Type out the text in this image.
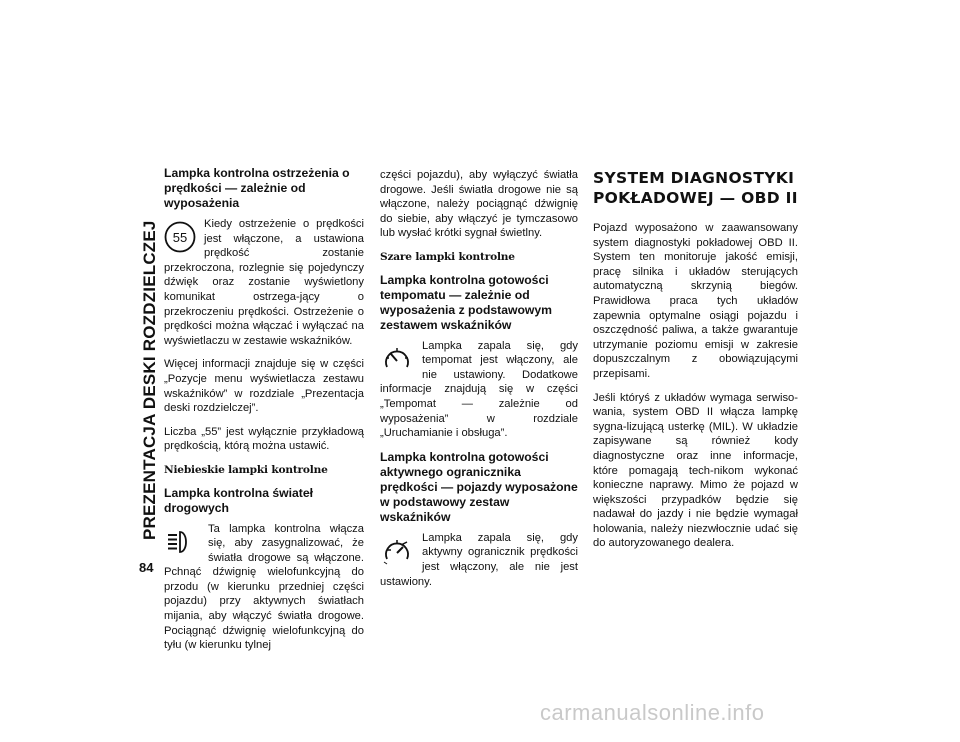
PREZENTACJA DESKI ROZDZIELCZEJ
84
Lampka kontrolna ostrzeżenia o prędkości — zależnie od wyposażenia
55

Kiedy ostrzeżenie o prędkości jest włączone, a ustawiona prędkość zostanie przekroczona, rozlegnie się pojedynczy dźwięk oraz zostanie wyświetlony komunikat ostrzega-jący o przekroczeniu prędkości. Ostrzeżenie o prędkości można włączać i wyłączać na wyświetlaczu w zestawie wskaźników.

Więcej informacji znajduje się w części „Pozycje menu wyświetlacza zestawu wskaźników” w rozdziale „Prezentacja deski rozdzielczej”.

Liczba „55” jest wyłącznie przykładową prędkością, którą można ustawić.

Niebieskie lampki kontrolne
Lampka kontrolna świateł drogowych

Ta lampka kontrolna włącza się, aby zasygnalizować, że światła drogowe są włączone. Pchnąć dźwignię wielofunkcyjną do przodu (w kierunku przedniej części pojazdu) przy aktywnych światłach mijania, aby włączyć światła drogowe. Pociągnąć dźwignię wielofunkcyjną do tyłu (w kierunku tylnej

części pojazdu), aby wyłączyć światła drogowe. Jeśli światła drogowe nie są włączone, należy pociągnąć dźwignię do siebie, aby włączyć je tymczasowo lub wysłać krótki sygnał świetlny.

Szare lampki kontrolne
Lampka kontrolna gotowości tempomatu — zależnie od wyposażenia z podstawowym zestawem wskaźników

Lampka zapala się, gdy tempomat jest włączony, ale nie ustawiony. Dodatkowe informacje znajdują się w części „Tempomat — zależnie od wyposażenia” w rozdziale „Uruchamianie i obsługa”.

Lampka kontrolna gotowości aktywnego ogranicznika prędkości — pojazdy wyposażone w podstawowy zestaw wskaźników

Lampka zapala się, gdy aktywny ogranicznik prędkości jest włączony, ale nie jest ustawiony.

SYSTEM DIAGNOSTYKI POKŁADOWEJ — OBD II

Pojazd wyposażono w zaawansowany system diagnostyki pokładowej OBD II. System ten monitoruje jakość emisji, pracę silnika i układów sterujących automatyczną skrzynią biegów. Prawidłowa praca tych układów zapewnia optymalne osiągi pojazdu i oszczędność paliwa, a także gwarantuje utrzymanie poziomu emisji w zakresie dopuszczalnym z obowiązującymi przepisami.

Jeśli któryś z układów wymaga serwiso-wania, system OBD II włącza lampkę sygna-lizującą usterkę (MIL). W układzie zapisywane są również kody diagnostyczne oraz inne informacje, które pomagają tech-nikom wykonać konieczne naprawy. Mimo że pojazd w większości przypadków będzie się nadawał do jazdy i nie będzie wymagał holowania, należy niezwłocznie udać się do autoryzowanego dealera.

carmanualsonline.info
